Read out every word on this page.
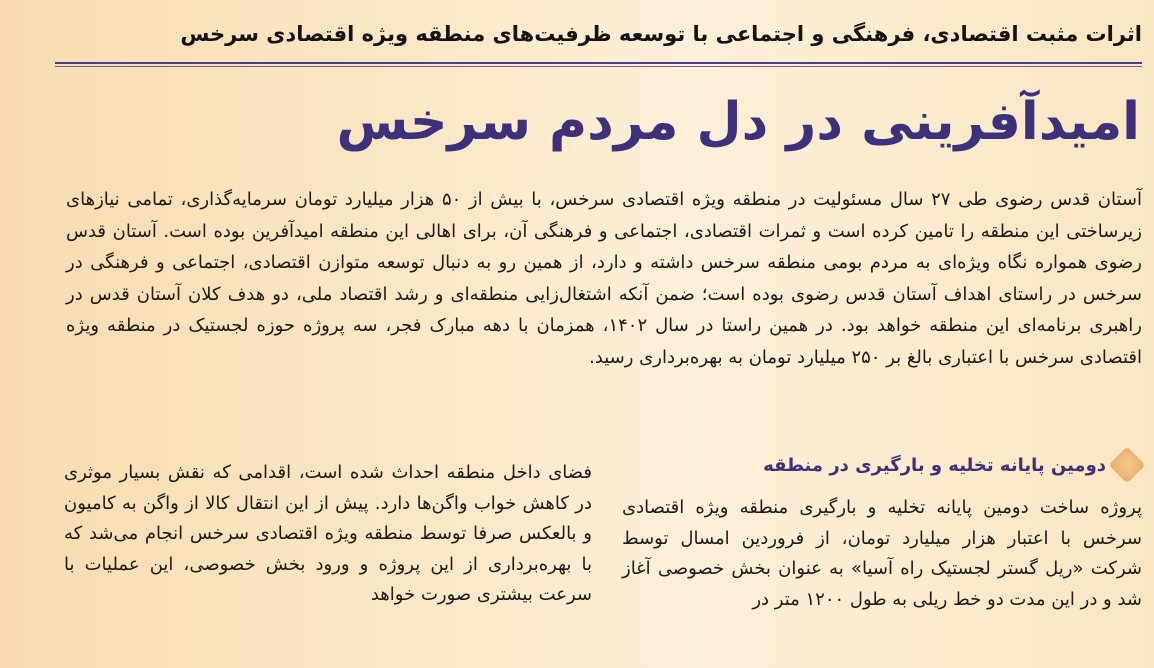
اثرات مثبت اقتصادی، فرهنگی و اجتماعی با توسعه ظرفیت‌های منطقه ویژه اقتصادی سرخس
امیدآفرینی در دل مردم سرخس

آستان قدس رضوی طی ۲۷ سال مسئولیت در منطقه ویژه اقتصادی سرخس، با بیش از ۵۰ هزار میلیارد تومان سرمایه‌گذاری، تمامی نیازهای زیرساختی این منطقه را تامین کرده است و ثمرات اقتصادی، اجتماعی و فرهنگی آن، برای اهالی این منطقه امیدآفرین بوده است. آستان قدس رضوی همواره نگاه ویژه‌ای به مردم بومی منطقه سرخس داشته و دارد، از همین رو به دنبال توسعه متوازن اقتصادی، اجتماعی و فرهنگی در سرخس در راستای اهداف آستان قدس رضوی بوده است؛ ضمن آنکه اشتغال‌زایی منطقه‌ای و رشد اقتصاد ملی، دو هدف کلان آستان قدس در راهبری برنامه‌ای این منطقه خواهد بود. در همین راستا در سال ۱۴۰۲، همزمان با دهه مبارک فجر، سه پروژه حوزه لجستیک در منطقه ویژه اقتصادی سرخس با اعتباری بالغ بر ۲۵۰ میلیارد تومان به بهره‌برداری رسید.

دومین پایانه تخلیه و بارگیری در منطقه

پروژه ساخت دومین پایانه تخلیه و بارگیری منطقه ویژه اقتصادی سرخس با اعتبار هزار میلیارد تومان، از فروردین امسال توسط شرکت «ریل گستر لجستیک راه آسیا» به عنوان بخش خصوصی آغاز شد و در این مدت دو خط ریلی به طول ۱۲۰۰ متر در

فضای داخل منطقه احداث شده است، اقدامی که نقش بسیار موثری در کاهش خواب واگن‌ها دارد. پیش از این انتقال کالا از واگن به کامیون و بالعکس صرفا توسط منطقه ویژه اقتصادی سرخس انجام می‌شد که با بهره‌برداری از این پروژه و ورود بخش خصوصی، این عملیات با سرعت بیشتری صورت خواهد
